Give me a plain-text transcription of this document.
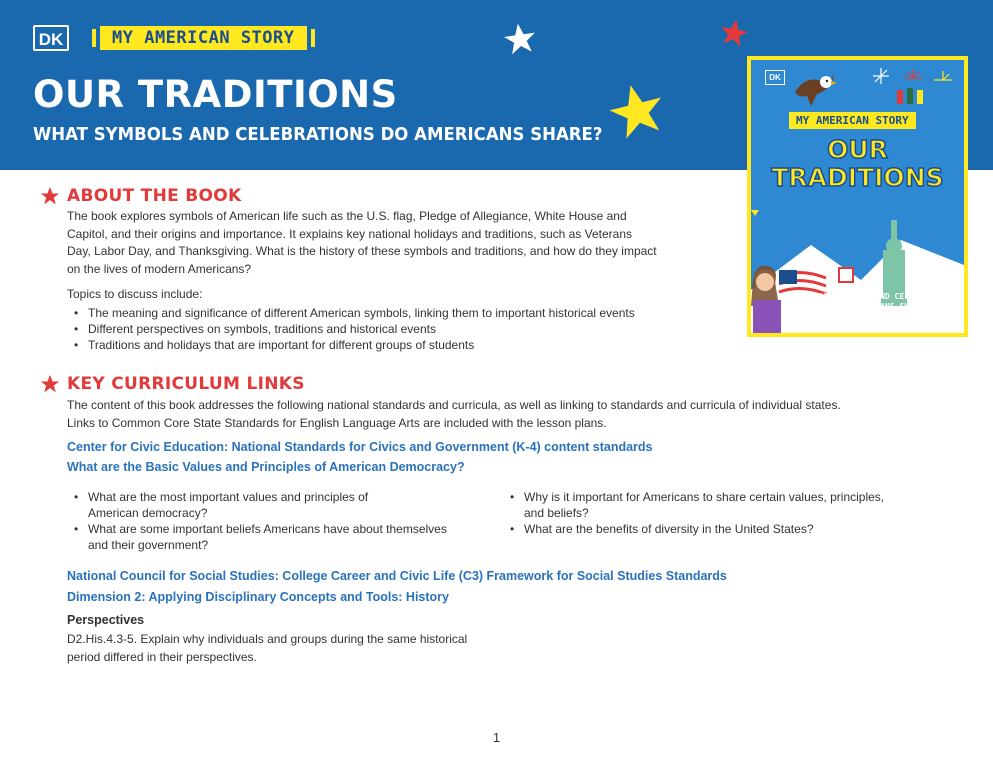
DK	MY AMERICAN STORY
OUR TRADITIONS
WHAT SYMBOLS AND CELEBRATIONS DO AMERICANS SHARE?
DK
MY AMERICAN STORY
OUR
TRADITIONS
WHAT SYMBOLS AND CELEBRATIONS
DO AMERICANS SHARE?
ABOUT THE BOOK
The book explores symbols of American life such as the U.S. flag, Pledge of Allegiance, White House and
Capitol, and their origins and importance. It explains key national holidays and traditions, such as Veterans
Day, Labor Day, and Thanksgiving. What is the history of these symbols and traditions, and how do they impact
on the lives of modern Americans?
Topics to discuss include:
• The meaning and significance of different American symbols, linking them to important historical events
• Different perspectives on symbols, traditions and historical events
• Traditions and holidays that are important for different groups of students
KEY CURRICULUM LINKS
The content of this book addresses the following national standards and curricula, as well as linking to standards and curricula of individual states.
Links to Common Core State Standards for English Language Arts are included with the lesson plans.
Center for Civic Education: National Standards for Civics and Government (K-4) content standards
What are the Basic Values and Principles of American Democracy?
• What are the most important values and principles of
American democracy?
• What are some important beliefs Americans have about themselves
and their government?
• Why is it important for Americans to share certain values, principles,
and beliefs?
• What are the benefits of diversity in the United States?
National Council for Social Studies: College Career and Civic Life (C3) Framework for Social Studies Standards
Dimension 2: Applying Disciplinary Concepts and Tools: History
Perspectives
D2.His.4.3-5. Explain why individuals and groups during the same historical
period differed in their perspectives.
1
